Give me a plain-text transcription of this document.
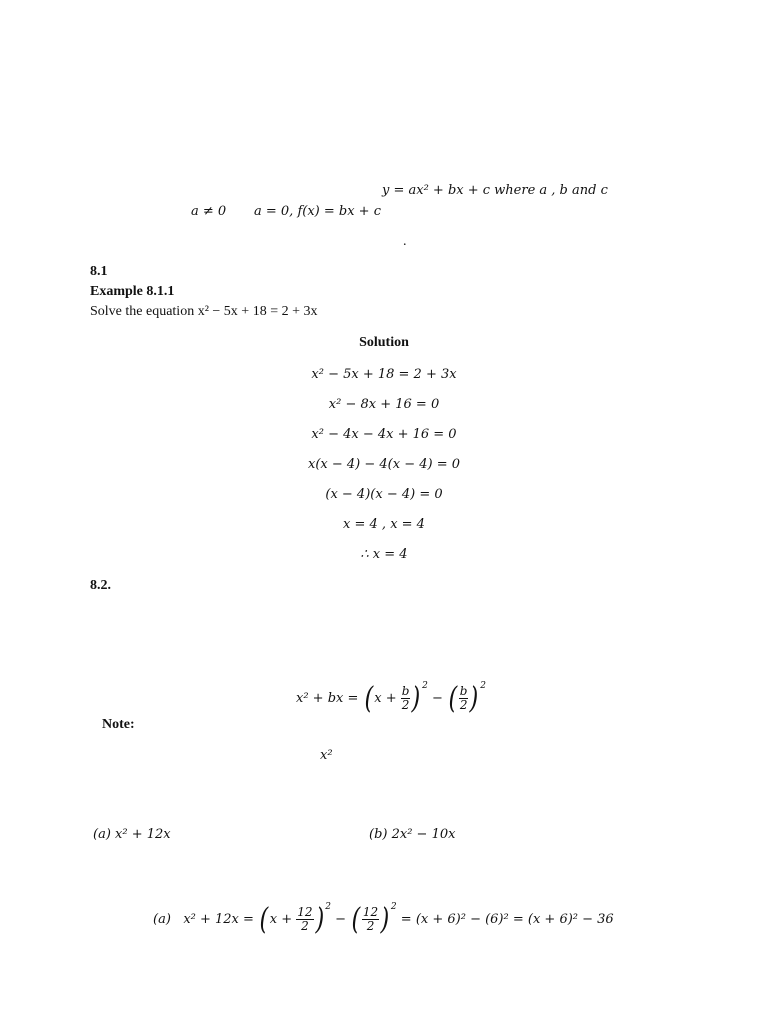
y = ax² + bx + c where a , b and c
a ≠ 0 a = 0, f(x) = bx + c
.
8.1
Example 8.1.1
Solve the equation x² − 5x + 18 = 2 + 3x
Solution
x² − 5x + 18 = 2 + 3x
x² − 8x + 16 = 0
x² − 4x − 4x + 16 = 0
x(x − 4) − 4(x − 4) = 0
(x − 4)(x − 4) = 0
x = 4 , x = 4
∴ x = 4
8.2.
x² + bx = $(x + \frac{b}{2} )^2$ − ( $\frac{b}{2} )^2$
Note:
x²
(a) x² + 12x	(b) 2x² − 10x
(a) $x^2 + 12x = (x + \frac{12}{2} )^2$ − ( $\frac{12}{2} )^2 = (x + 6)^2 - (6)^2 = (x + 6)^2 - 36$
